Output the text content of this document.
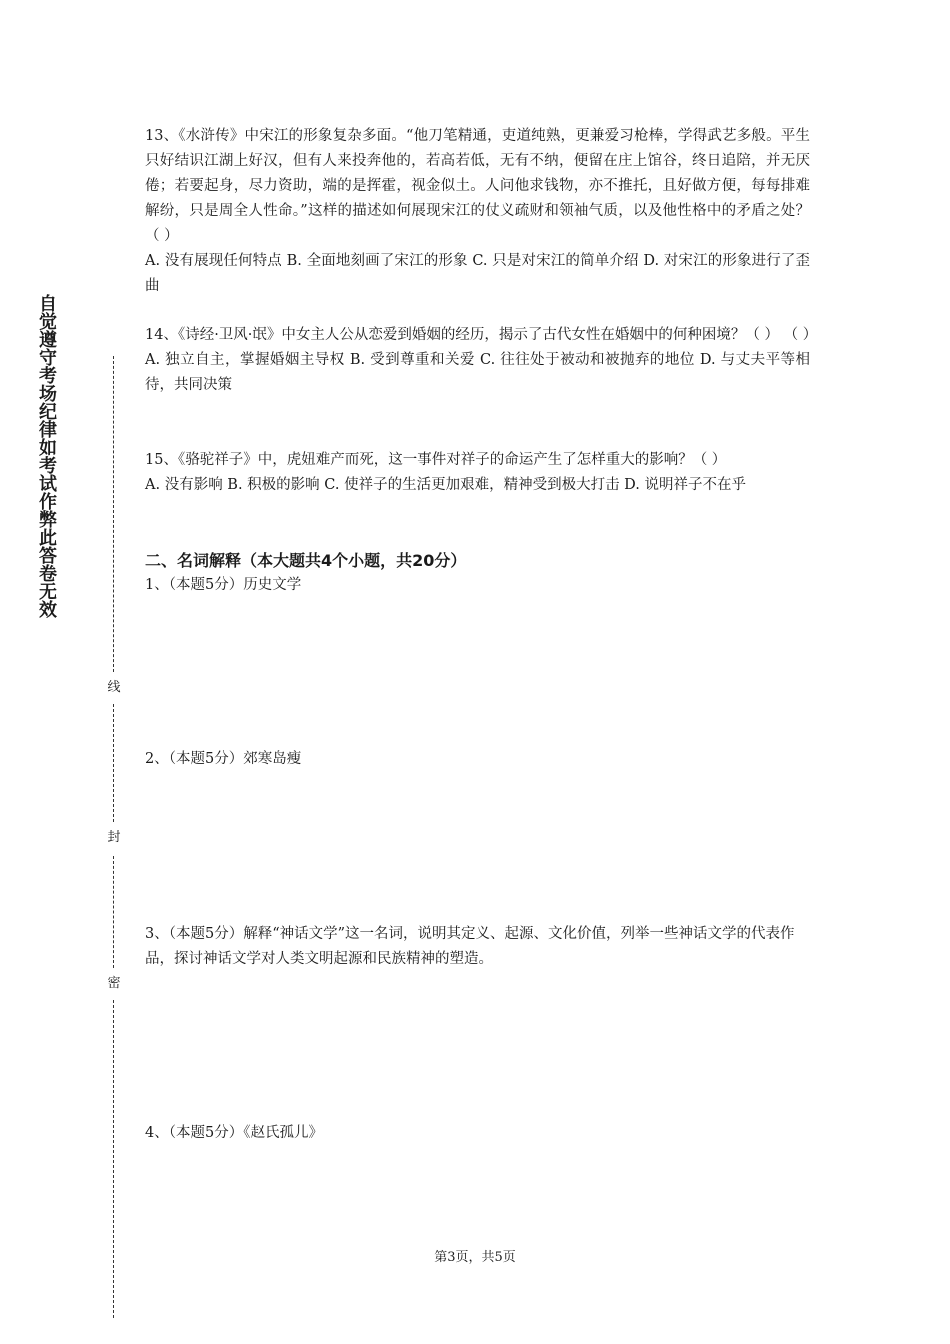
自觉遵守考场纪律如考试作弊此答卷无效
线
封
密

13、《水浒传》中宋江的形象复杂多面。“他刀笔精通，吏道纯熟，更兼爱习枪棒，学得武艺多般。平生只好结识江湖上好汉，但有人来投奔他的，若高若低，无有不纳，便留在庄上馆谷，终日追陪，并无厌倦；若要起身，尽力资助，端的是挥霍，视金似土。人问他求钱物，亦不推托，且好做方便，每每排难解纷，只是周全人性命。”这样的描述如何展现宋江的仗义疏财和领袖气质，以及他性格中的矛盾之处？（ ）

A. 没有展现任何特点 B. 全面地刻画了宋江的形象 C. 只是对宋江的简单介绍 D. 对宋江的形象进行了歪曲

14、《诗经·卫风·氓》中女主人公从恋爱到婚姻的经历，揭示了古代女性在婚姻中的何种困境？（ ） （ ）

A. 独立自主，掌握婚姻主导权 B. 受到尊重和关爱 C. 往往处于被动和被抛弃的地位 D. 与丈夫平等相待，共同决策

15、《骆驼祥子》中，虎妞难产而死，这一事件对祥子的命运产生了怎样重大的影响？（ ）

A. 没有影响 B. 积极的影响 C. 使祥子的生活更加艰难，精神受到极大打击 D. 说明祥子不在乎

二、名词解释（本大题共4个小题，共20分）
1、（本题5分）历史文学
2、（本题5分）郊寒岛瘦
3、（本题5分）解释“神话文学”这一名词，说明其定义、起源、文化价值，列举一些神话文学的代表作品，探讨神话文学对人类文明起源和民族精神的塑造。
4、（本题5分）《赵氏孤儿》
第3页，共5页
